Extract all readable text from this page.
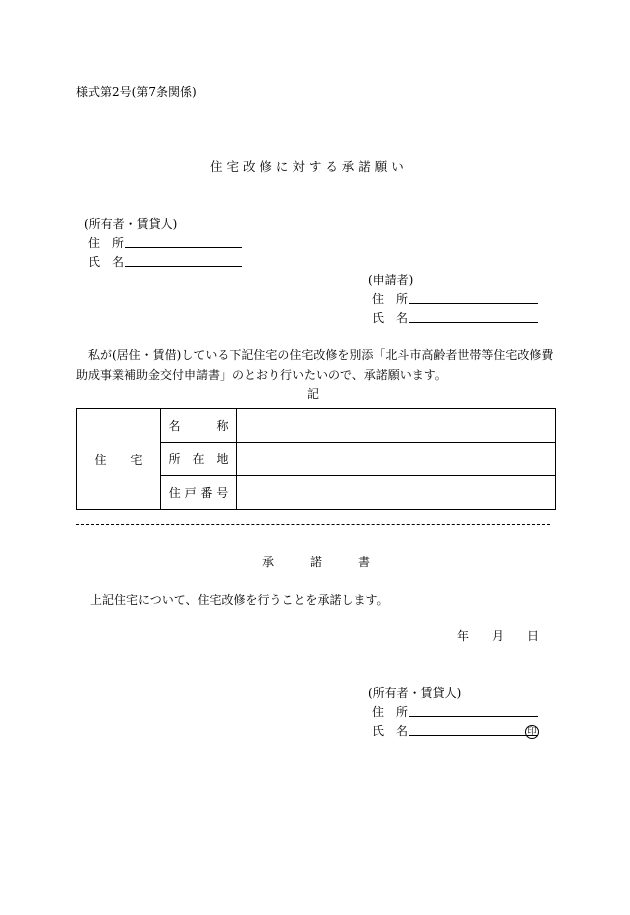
様式第2号(第7条関係)
住 宅 改 修 に 対 す る 承 諾 願 い
(所有者・賃貸人)
住　所
氏　名
(申請者)
住　所
氏　名
私が(居住・賃借)している下記住宅の住宅改修を別添「北斗市高齢者世帯等住宅改修費
助成事業補助金交付申請書」のとおり行いたいので、承諾願います。
記
住　　宅	名　　　称	
	所　在　地	
	住 戸 番 号	
承　　　諾　　　書
上記住宅について、住宅改修を行うことを承諾します。
年 月 日
(所有者・賃貸人)
住　所
氏　名	印
